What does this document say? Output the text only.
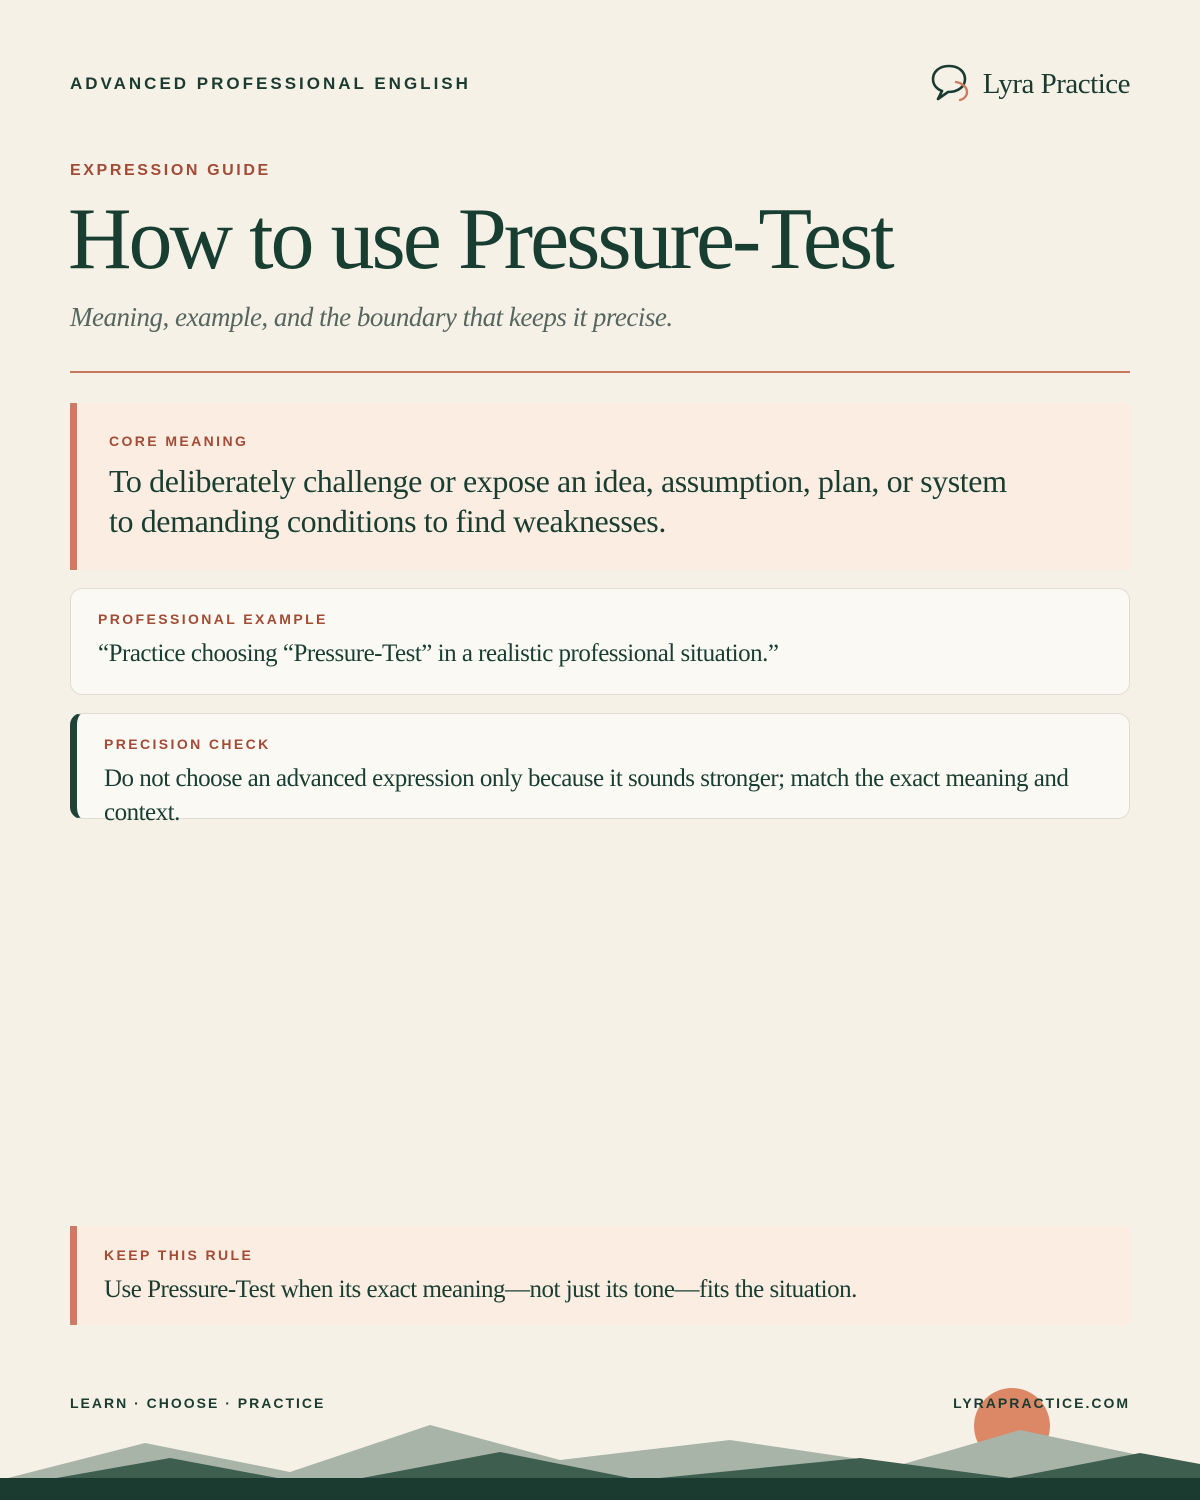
ADVANCED PROFESSIONAL ENGLISH	Lyra Practice
EXPRESSION GUIDE
How to use Pressure-Test
Meaning, example, and the boundary that keeps it precise.
CORE MEANING
To deliberately challenge or expose an idea, assumption, plan, or system to demanding conditions to find weaknesses.
PROFESSIONAL EXAMPLE
“Practice choosing “Pressure-Test” in a realistic professional situation.”
PRECISION CHECK
Do not choose an advanced expression only because it sounds stronger; match the exact meaning and context.
KEEP THIS RULE
Use Pressure-Test when its exact meaning—not just its tone—fits the situation.
LEARN · CHOOSE · PRACTICE	LYRAPRACTICE.COM
